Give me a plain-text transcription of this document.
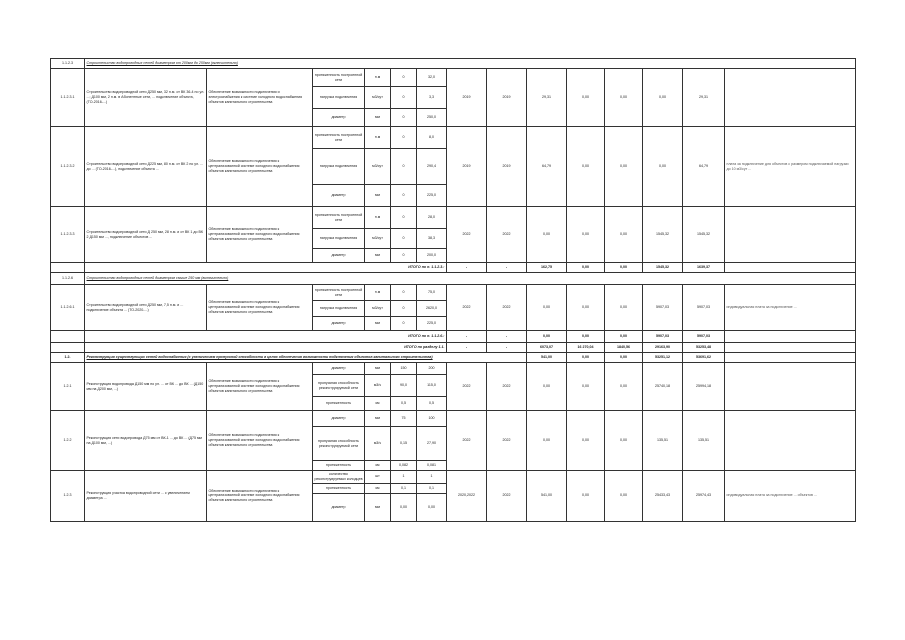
1.1.2.3	Строительство водопроводных сетей диаметром от 200мм до 250мм (включительно)													
1.1.2.3.1	Строительство водопроводной сети Д250 мм, 32 п.м. от ВК 36-4 по ул. ...; Д100 мм, 2 п.м. в Абонентные сети, ... подключение объекта, (ТО-2016-...)	Обеспечение возможности подключения и электроснабжения к системе холодного водоснабжения объектов капитального строительства	протяженность построенной сети	п.м	0	32,0	2019	2019	29,31	0,00	0,00	0,00	29,31	
			нагрузка подключения	м3/сут	0	3,3								
			диаметр	мм	0	250,0								
1.1.2.3.2	Строительство водопроводной сети Д225 мм, 80 п.м. от ВК 2 по ул. ... до ... (ТО-2016-...), подключение объекта ...	Обеспечение возможности подключения к централизованной системе холодного водоснабжения объектов капитального строительства	протяженность построенной сети	п.м	0	8,0	2019	2019	64,79	0,00	0,00	0,00	64,79	плата за подключение для объектов с размером подключаемой нагрузки до 10 м3/сут ...
			нагрузка подключения	м3/сут	0	290,4								
			диаметр	мм	0	225,0								
1.1.2.3.3	Строительство водопроводной сети Д 250 мм, 28 п.м. и от ВК 1 до ВК 2 Д150 мм ..., подключение объектов ...	Обеспечение возможности подключения к централизованной системе холодного водоснабжения объектов капитального строительства	протяженность построенной сети	п.м	0	28,0	2022	2022	0,00	0,00	0,00	1545,32	1545,32	
			нагрузка подключения	м3/сут	0	38,3								
			диаметр	мм	0	200,0								
	ИТОГО по п. 1.1.2.3.:						-	-	162,75	0,00	0,00	1545,32	1639,37	
1.1.2.6	Строительство водопроводных сетей диаметром свыше 250 мм (включительно)													
1.1.2.6.1	Строительство водопроводной сети Д250 мм, 7,5 п.м. и ... подключение объекта ... (ТО-2020-...)	Обеспечение возможности подключения к централизованной системе холодного водоснабжения объектов капитального строительства	протяженность построенной сети	п.м	0	75,0	2022	2022	0,00	0,00	0,00	5907,03	5907,03	индивидуальная плата за подключение ...
			нагрузка подключения	м3/сут	0	2620,0								
			диаметр	мм	0	225,0								
	ИТОГО по п. 1.1.2.6.:						-	-	0,00	0,00	0,00	5907,03	5907,03	
	ИТОГО по разделу 1.1.						-	-	6073,07	16 270,04	1840,56	29163,90	53253,48	
1.2.	Реконструкция существующих сетей водоснабжения (с увеличением пропускной способности в целях обеспечения возможности подключения объектов капитального строительства)								541,00	0,00	0,00	53251,12	53691,62	
1.2.1	Реконструкция водопровода Д150 мм по ул. ... от ВК ... до ВК ... (Д150 мм на Д200 мм, ...)	Обеспечение возможности подключения к централизованной системе холодного водоснабжения объектов капитального строительства	диаметр	мм	150	200	2022	2022	0,00	0,00	0,00	25740,18	25994,18	
			пропускная способность реконструируемой сети	м3/ч	90,0	115,0								
			протяженность	км	0,5	0,5								
1.2.2	Реконструкция сети водопровода Д75 мм от ВК-1 ... до ВК ... (Д75 мм на Д100 мм, ...)	Обеспечение возможности подключения к централизованной системе холодного водоснабжения объектов капитального строительства	диаметр	мм	75	100	2022	2022	0,00	0,00	0,00	135,51	135,51	
			пропускная способность реконструируемой сети	м3/ч	0,15	27,90								
			протяженность	км	0,082	0,081								
1.2.3	Реконструкция участка водопроводной сети ... с увеличением диаметра ...	Обеспечение возможности подключения к централизованной системе холодного водоснабжения объектов капитального строительства	количество реконструируемых колодцев	шт	1	1	2020,2022	2022	541,00	0,00	0,00	25433,43	25974,43	индивидуальная плата за подключение ... объектов ...
			протяженность	км	0,1	0,1								
			диаметр	мм	0,00	0,00								
